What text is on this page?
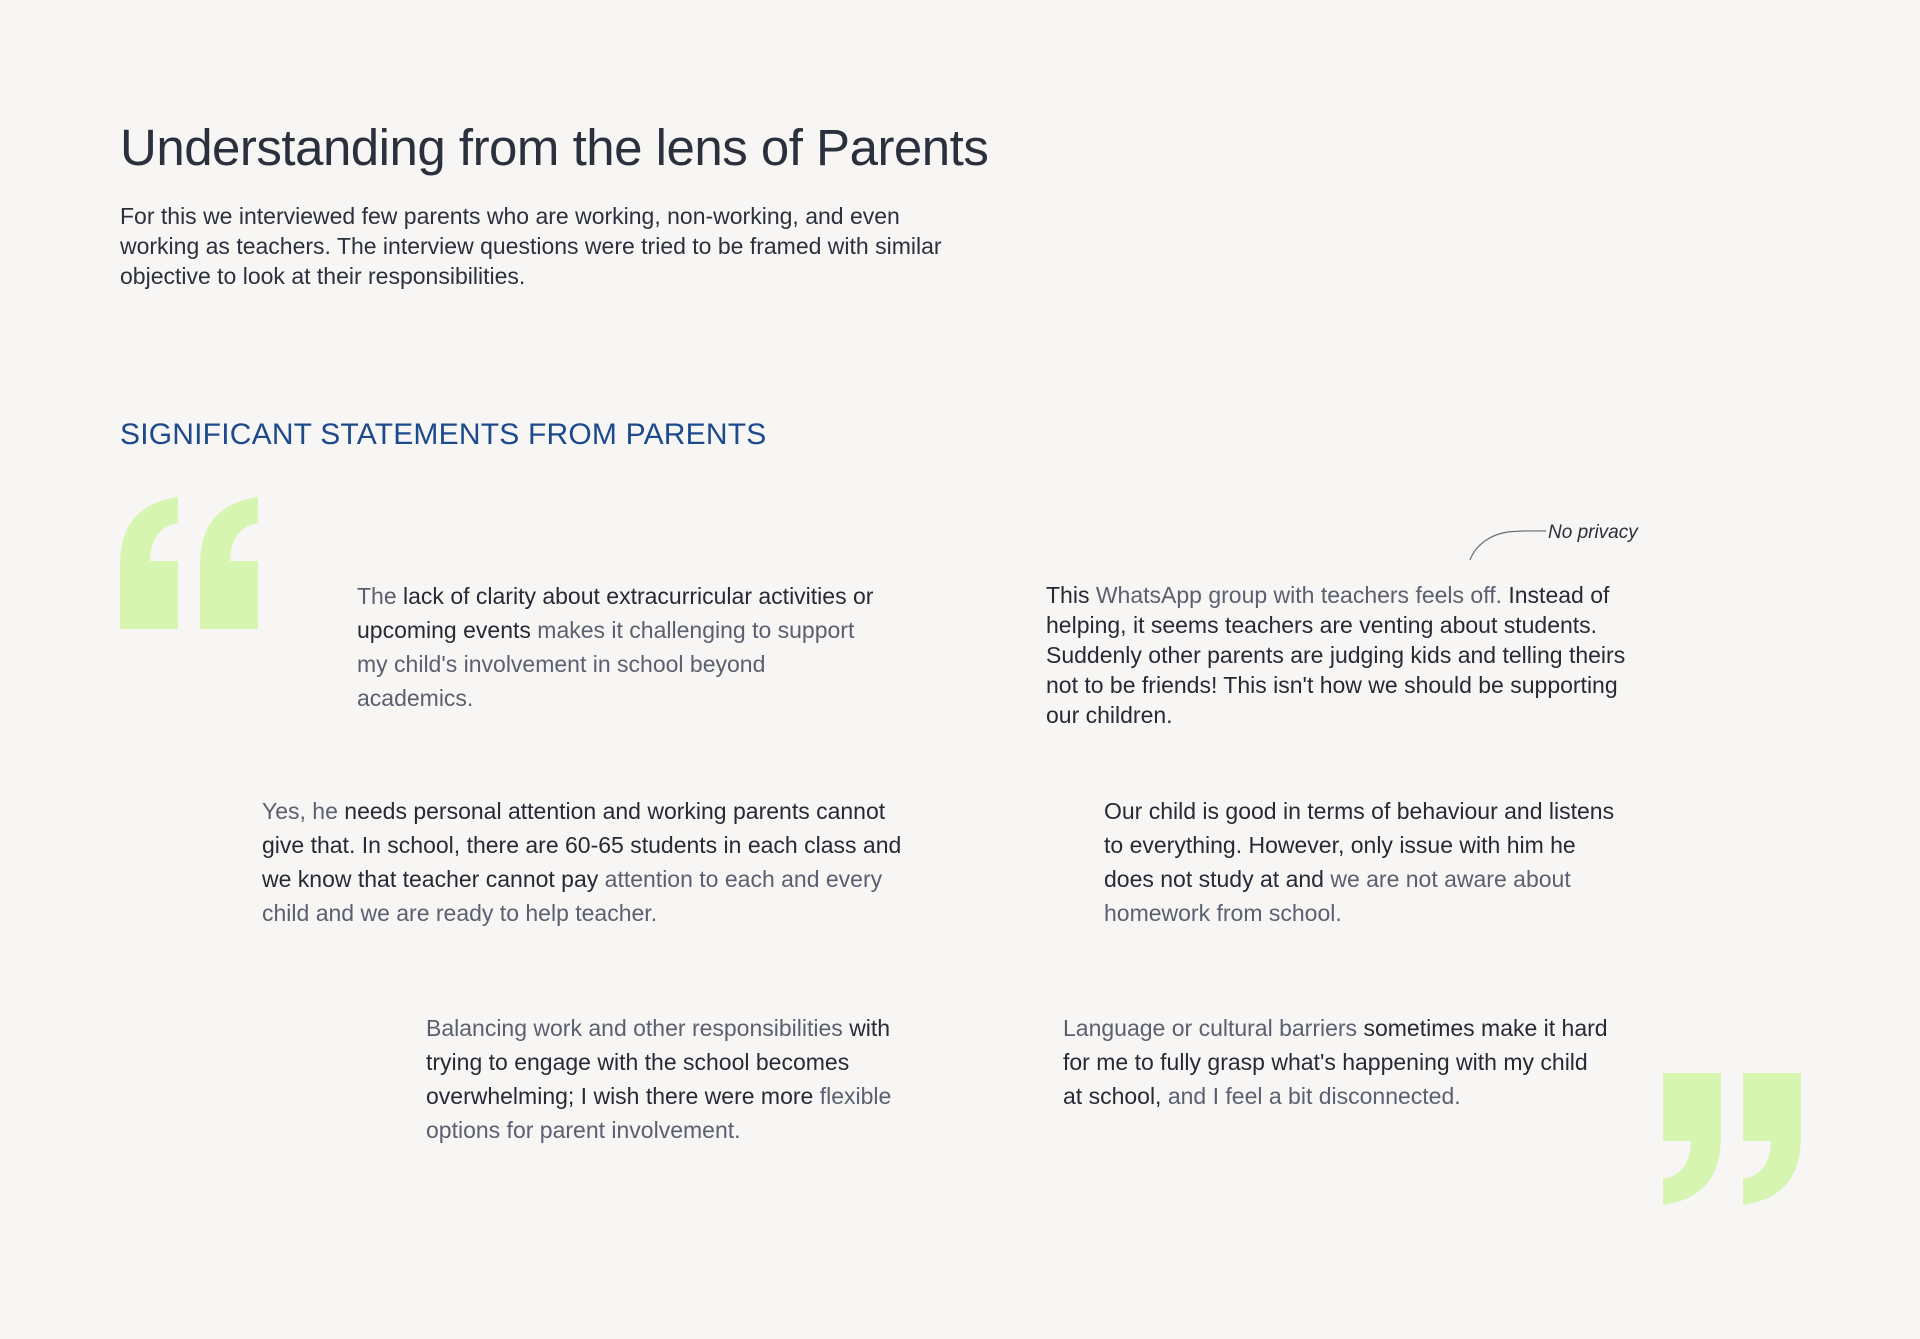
Understanding from the lens of Parents

For this we interviewed few parents who are working, non-working, and even working as teachers. The interview questions were tried to be framed with similar objective to look at their responsibilities.

SIGNIFICANT STATEMENTS FROM PARENTS
No privacy

The lack of clarity about extracurricular activities or upcoming events makes it challenging to support my child's involvement in school beyond academics.

This WhatsApp group with teachers feels off. Instead of helping, it seems teachers are venting about students. Suddenly other parents are judging kids and telling theirs not to be friends! This isn't how we should be supporting our children.

Yes, he needs personal attention and working parents cannot give that. In school, there are 60-65 students in each class and we know that teacher cannot pay attention to each and every child and we are ready to help teacher.

Our child is good in terms of behaviour and listens to everything. However, only issue with him he does not study at and we are not aware about homework from school.

Balancing work and other responsibilities with trying to engage with the school becomes overwhelming; I wish there were more flexible options for parent involvement.

Language or cultural barriers sometimes make it hard for me to fully grasp what's happening with my child at school, and I feel a bit disconnected.
